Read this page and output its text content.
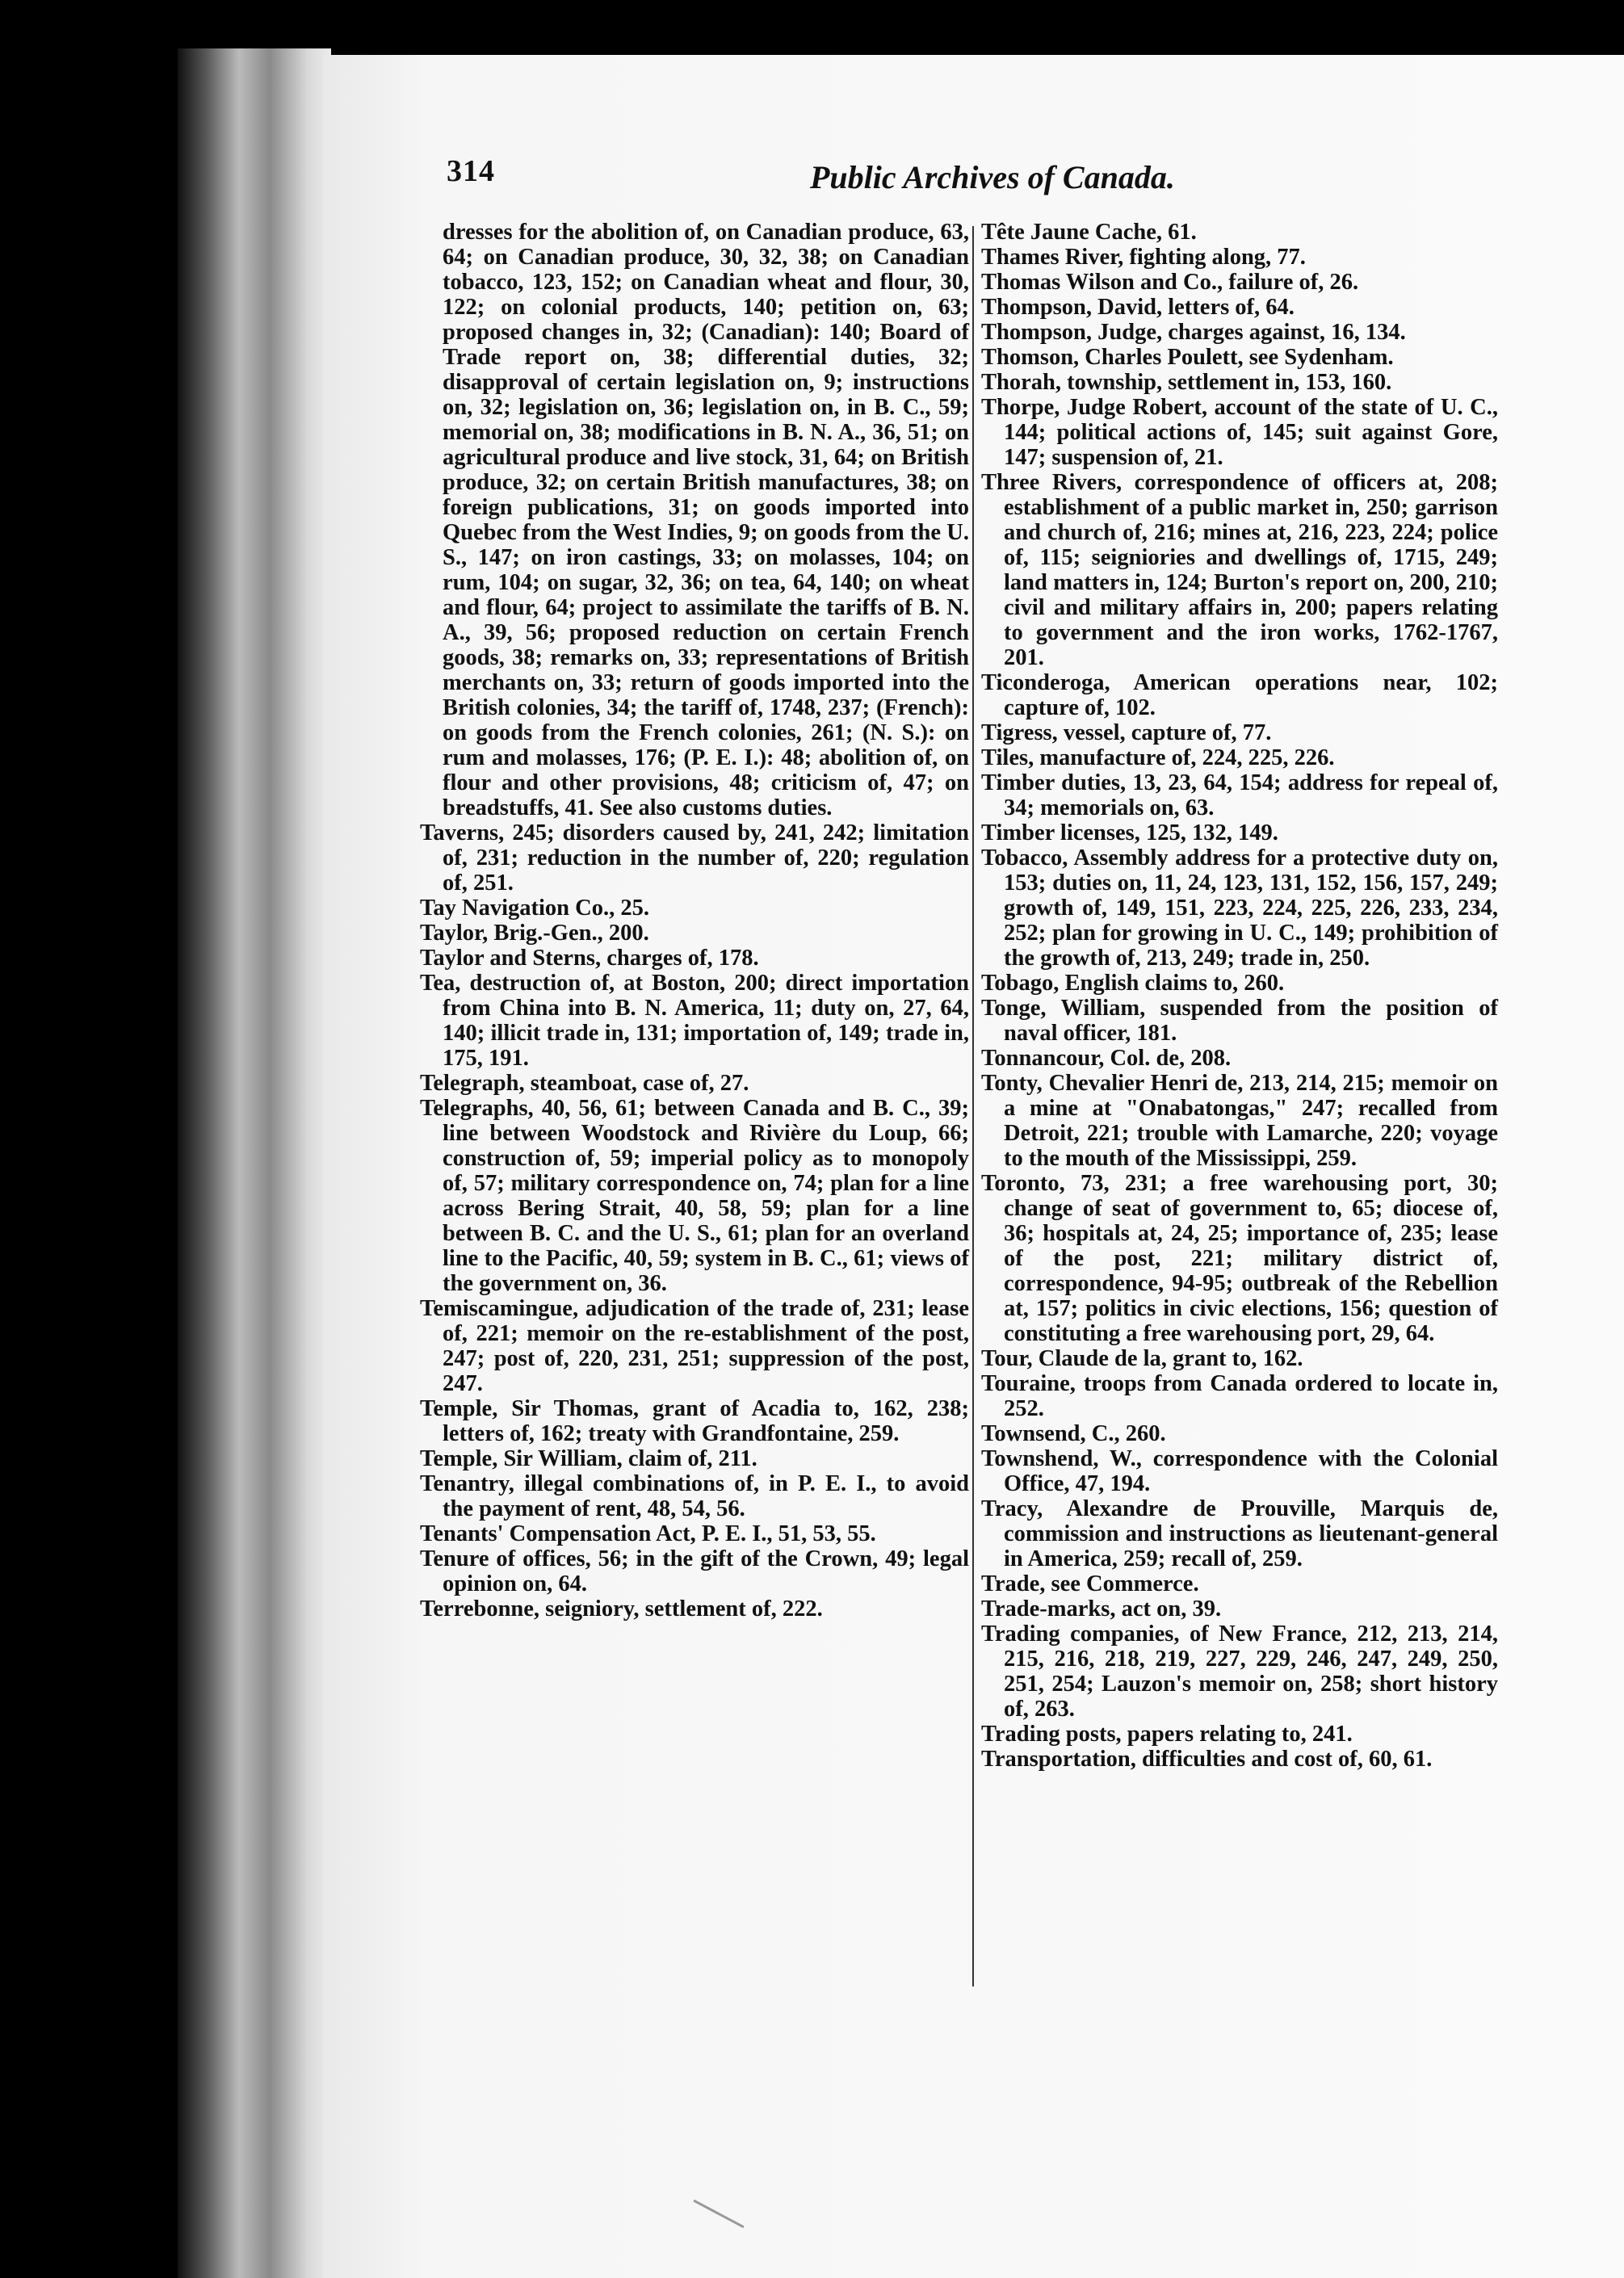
314	Public Archives of Canada.

dresses for the abolition of, on Canadian produce, 63, 64; on Canadian produce, 30, 32, 38; on Canadian tobacco, 123, 152; on Canadian wheat and flour, 30, 122; on colonial products, 140; petition on, 63; proposed changes in, 32; (Canadian): 140; Board of Trade report on, 38; differential duties, 32; disapproval of certain legislation on, 9; instructions on, 32; legislation on, 36; legislation on, in B. C., 59; memorial on, 38; modifications in B. N. A., 36, 51; on agricultural produce and live stock, 31, 64; on British produce, 32; on certain British manufactures, 38; on foreign publications, 31; on goods imported into Quebec from the West Indies, 9; on goods from the U. S., 147; on iron castings, 33; on molasses, 104; on rum, 104; on sugar, 32, 36; on tea, 64, 140; on wheat and flour, 64; project to assimilate the tariffs of B. N. A., 39, 56; proposed reduction on certain French goods, 38; remarks on, 33; representations of British merchants on, 33; return of goods imported into the British colonies, 34; the tariff of, 1748, 237; (French): on goods from the French colonies, 261; (N. S.): on rum and molasses, 176; (P. E. I.): 48; abolition of, on flour and other provisions, 48; criticism of, 47; on breadstuffs, 41. See also customs duties.

Taverns, 245; disorders caused by, 241, 242; limitation of, 231; reduction in the number of, 220; regulation of, 251.

Tay Navigation Co., 25.

Taylor, Brig.-Gen., 200.

Taylor and Sterns, charges of, 178.

Tea, destruction of, at Boston, 200; direct importation from China into B. N. America, 11; duty on, 27, 64, 140; illicit trade in, 131; importation of, 149; trade in, 175, 191.

Telegraph, steamboat, case of, 27.

Telegraphs, 40, 56, 61; between Canada and B. C., 39; line between Woodstock and Rivière du Loup, 66; construction of, 59; imperial policy as to monopoly of, 57; military correspondence on, 74; plan for a line across Bering Strait, 40, 58, 59; plan for a line between B. C. and the U. S., 61; plan for an overland line to the Pacific, 40, 59; system in B. C., 61; views of the government on, 36.

Temiscamingue, adjudication of the trade of, 231; lease of, 221; memoir on the re-establishment of the post, 247; post of, 220, 231, 251; suppression of the post, 247.

Temple, Sir Thomas, grant of Acadia to, 162, 238; letters of, 162; treaty with Grandfontaine, 259.

Temple, Sir William, claim of, 211.

Tenantry, illegal combinations of, in P. E. I., to avoid the payment of rent, 48, 54, 56.

Tenants' Compensation Act, P. E. I., 51, 53, 55.

Tenure of offices, 56; in the gift of the Crown, 49; legal opinion on, 64.

Terrebonne, seigniory, settlement of, 222.

Tête Jaune Cache, 61.

Thames River, fighting along, 77.

Thomas Wilson and Co., failure of, 26.

Thompson, David, letters of, 64.

Thompson, Judge, charges against, 16, 134.

Thomson, Charles Poulett, see Sydenham.

Thorah, township, settlement in, 153, 160.

Thorpe, Judge Robert, account of the state of U. C., 144; political actions of, 145; suit against Gore, 147; suspension of, 21.

Three Rivers, correspondence of officers at, 208; establishment of a public market in, 250; garrison and church of, 216; mines at, 216, 223, 224; police of, 115; seigniories and dwellings of, 1715, 249; land matters in, 124; Burton's report on, 200, 210; civil and military affairs in, 200; papers relating to government and the iron works, 1762-1767, 201.

Ticonderoga, American operations near, 102; capture of, 102.

Tigress, vessel, capture of, 77.

Tiles, manufacture of, 224, 225, 226.

Timber duties, 13, 23, 64, 154; address for repeal of, 34; memorials on, 63.

Timber licenses, 125, 132, 149.

Tobacco, Assembly address for a protective duty on, 153; duties on, 11, 24, 123, 131, 152, 156, 157, 249; growth of, 149, 151, 223, 224, 225, 226, 233, 234, 252; plan for growing in U. C., 149; prohibition of the growth of, 213, 249; trade in, 250.

Tobago, English claims to, 260.

Tonge, William, suspended from the position of naval officer, 181.

Tonnancour, Col. de, 208.

Tonty, Chevalier Henri de, 213, 214, 215; memoir on a mine at "Onabatongas," 247; recalled from Detroit, 221; trouble with Lamarche, 220; voyage to the mouth of the Mississippi, 259.

Toronto, 73, 231; a free warehousing port, 30; change of seat of government to, 65; diocese of, 36; hospitals at, 24, 25; importance of, 235; lease of the post, 221; military district of, correspondence, 94-95; outbreak of the Rebellion at, 157; politics in civic elections, 156; question of constituting a free warehousing port, 29, 64.

Tour, Claude de la, grant to, 162.

Touraine, troops from Canada ordered to locate in, 252.

Townsend, C., 260.

Townshend, W., correspondence with the Colonial Office, 47, 194.

Tracy, Alexandre de Prouville, Marquis de, commission and instructions as lieutenant-general in America, 259; recall of, 259.

Trade, see Commerce.

Trade-marks, act on, 39.

Trading companies, of New France, 212, 213, 214, 215, 216, 218, 219, 227, 229, 246, 247, 249, 250, 251, 254; Lauzon's memoir on, 258; short history of, 263.

Trading posts, papers relating to, 241.

Transportation, difficulties and cost of, 60, 61.
